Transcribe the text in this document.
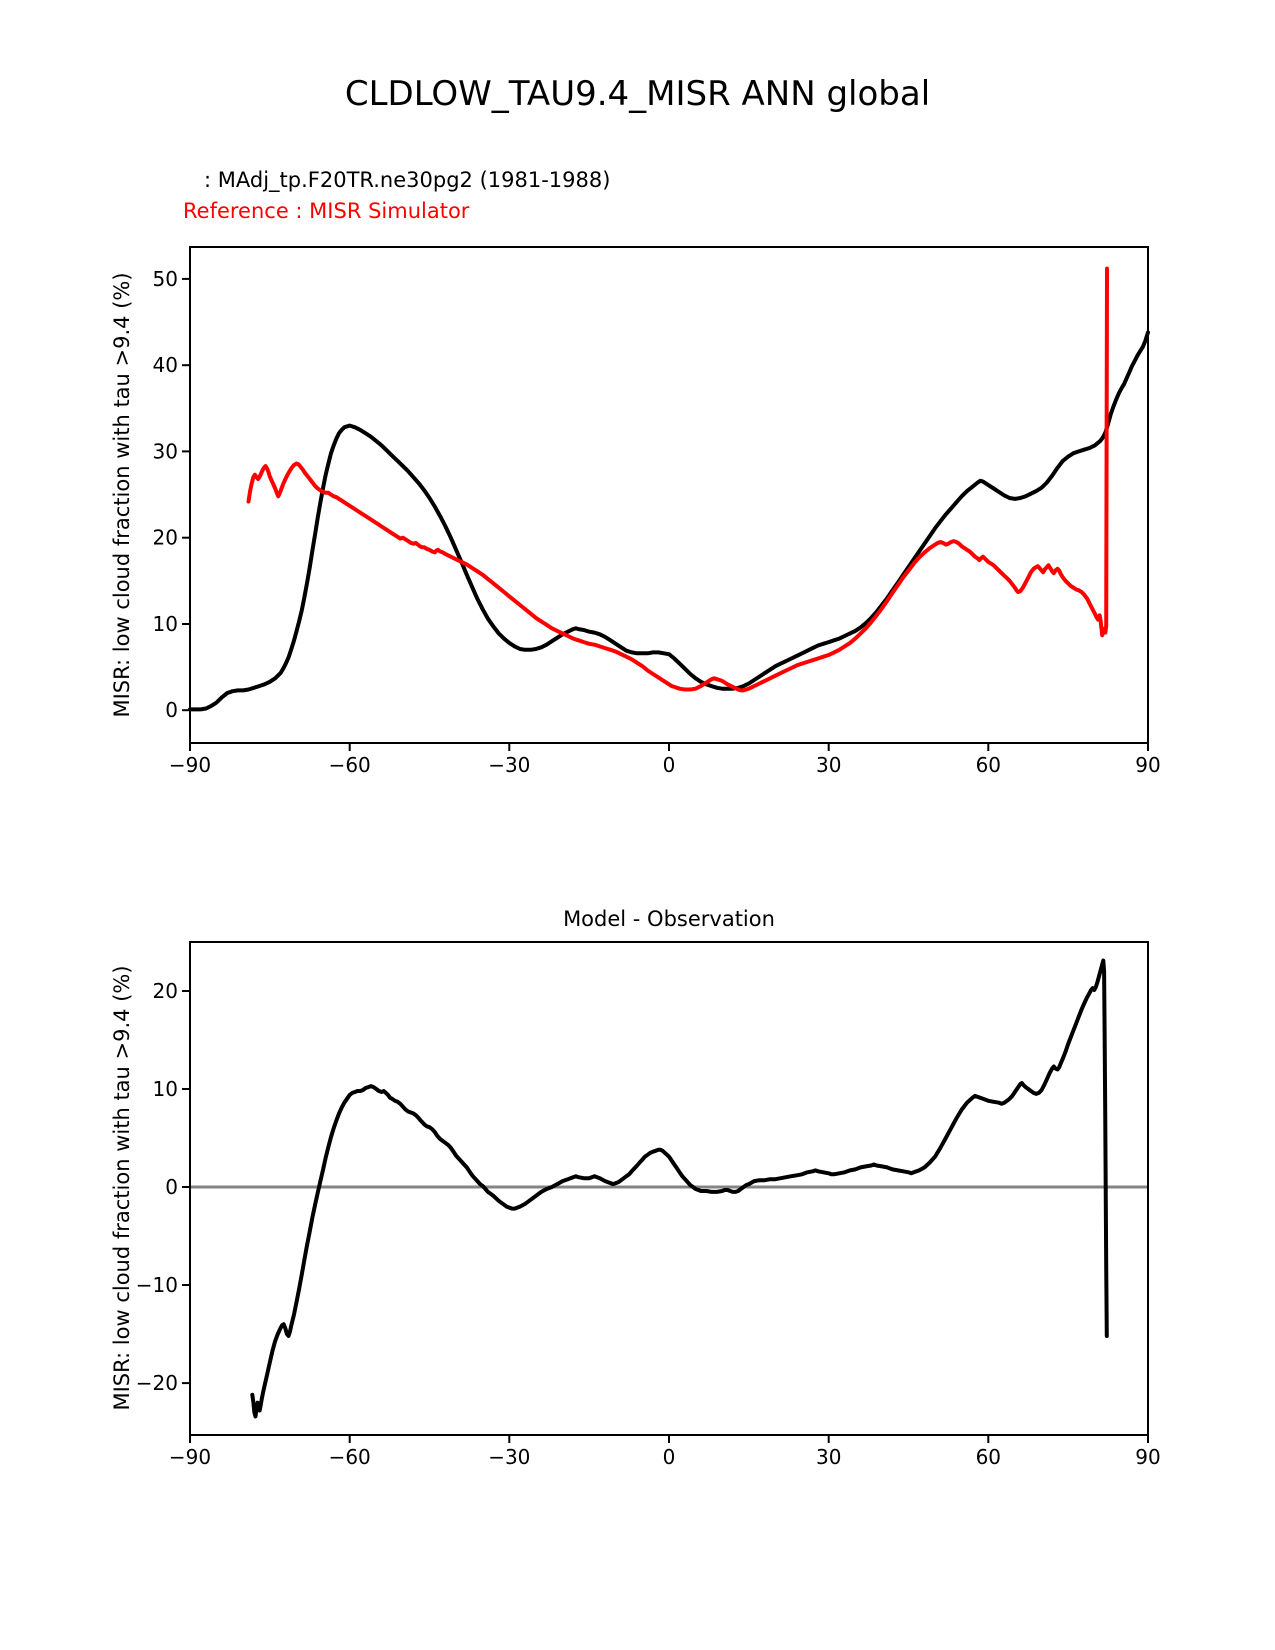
CLDLOW_TAU9.4_MISR ANN global
: MAdj_tp.F20TR.ne30pg2 (1981-1988)
Reference : MISR Simulator
MISR: low cloud fraction with tau >9.4 (%)
−90	−60	−30	0	30	60	90
0
10
20
30
40
50
Model - Observation
MISR: low cloud fraction with tau >9.4 (%)
−90	−60	−30	0	30	60	90
20
10
0
−10
−20
